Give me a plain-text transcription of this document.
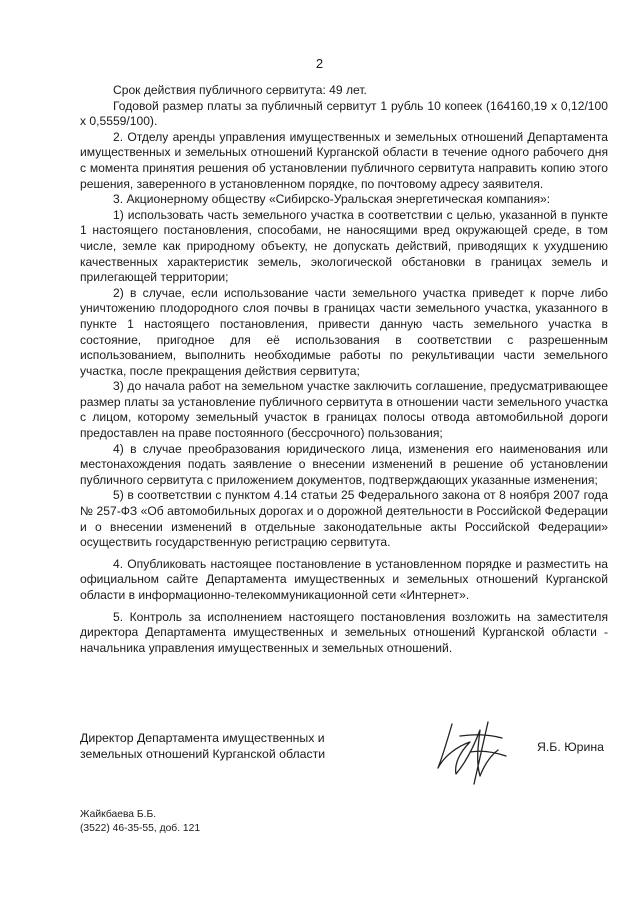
2

Срок действия публичного сервитута: 49 лет.

Годовой размер платы за публичный сервитут 1 рубль 10 копеек (164160,19 х 0,12/100 х 0,5559/100).

2. Отделу аренды управления имущественных и земельных отношений Департамента имущественных и земельных отношений Курганской области в течение одного рабочего дня с момента принятия решения об установлении публичного сервитута направить копию этого решения, заверенного в установленном порядке, по почтовому адресу заявителя.

3. Акционерному обществу «Сибирско-Уральская энергетическая компания»:

1) использовать часть земельного участка в соответствии с целью, указанной в пункте 1 настоящего постановления, способами, не наносящими вред окружающей среде, в том числе, земле как природному объекту, не допускать действий, приводящих к ухудшению качественных характеристик земель, экологической обстановки в границах земель и прилегающей территории;

2) в случае, если использование части земельного участка приведет к порче либо уничтожению плодородного слоя почвы в границах части земельного участка, указанного в пункте 1 настоящего постановления, привести данную часть земельного участка в состояние, пригодное для её использования в соответствии с разрешенным использованием, выполнить необходимые работы по рекультивации части земельного участка, после прекращения действия сервитута;

3) до начала работ на земельном участке заключить соглашение, предусматривающее размер платы за установление публичного сервитута в отношении части земельного участка с лицом, которому земельный участок в границах полосы отвода автомобильной дороги предоставлен на праве постоянного (бессрочного) пользования;

4) в случае преобразования юридического лица, изменения его наименования или местонахождения подать заявление о внесении изменений в решение об установлении публичного сервитута с приложением документов, подтверждающих указанные изменения;

5) в соответствии с пунктом 4.14 статьи 25 Федерального закона от 8 ноября 2007 года № 257-ФЗ «Об автомобильных дорогах и о дорожной деятельности в Российской Федерации и о внесении изменений в отдельные законодательные акты Российской Федерации» осуществить государственную регистрацию сервитута.

4. Опубликовать настоящее постановление в установленном порядке и разместить на официальном сайте Департамента имущественных и земельных отношений Курганской области в информационно-телекоммуникационной сети «Интернет».

5. Контроль за исполнением настоящего постановления возложить на заместителя директора Департамента имущественных и земельных отношений Курганской области - начальника управления имущественных и земельных отношений.

Директор Департамента имущественных и
земельных отношений Курганской области	Я.Б. Юрина
Жайкбаева Б.Б.
(3522) 46-35-55, доб. 121
